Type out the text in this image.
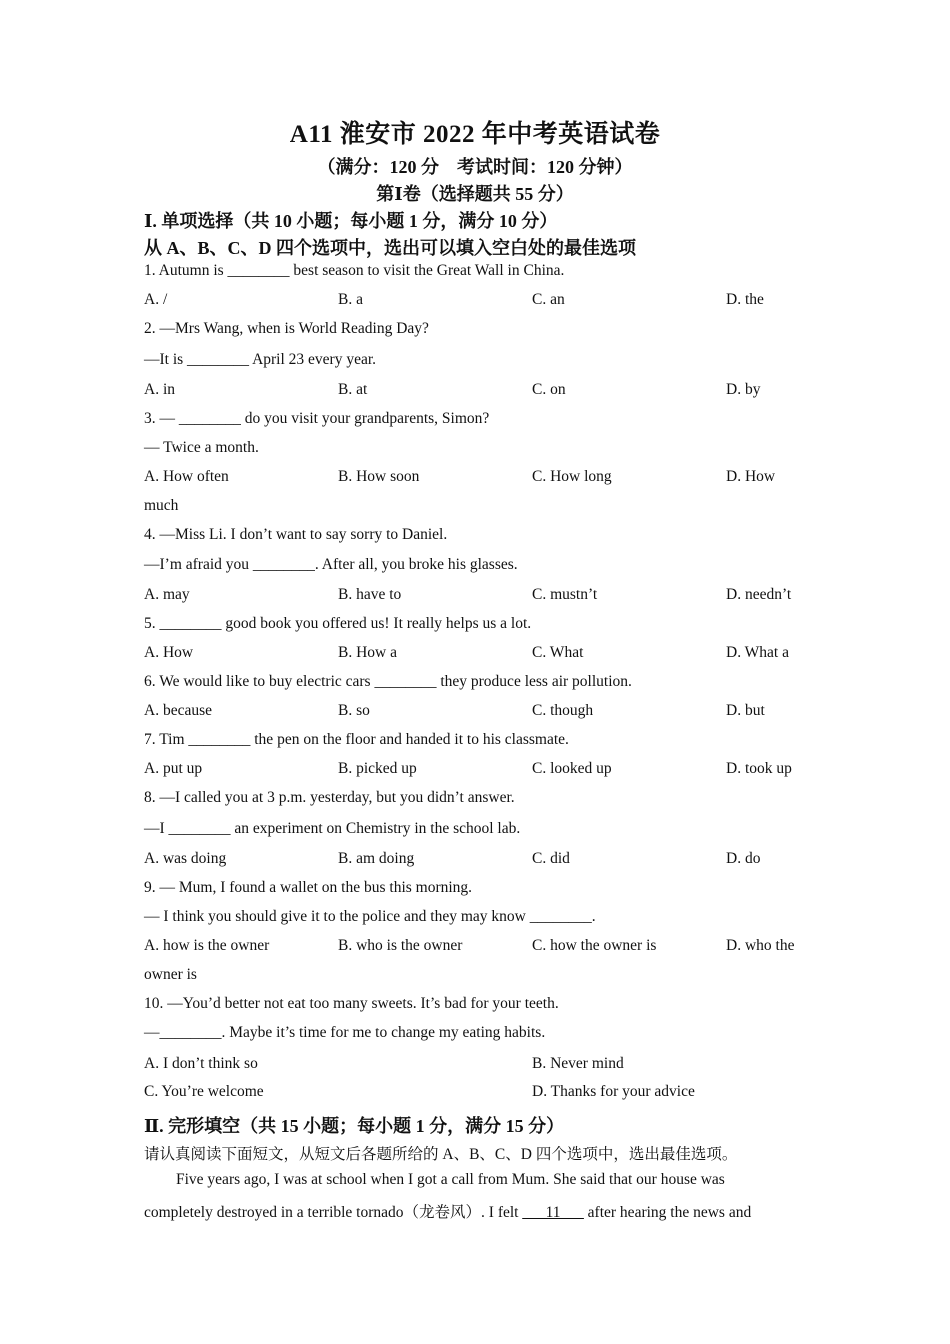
A11 淮安市 2022 年中考英语试卷
（满分：120 分　考试时间：120 分钟）
第Ⅰ卷（选择题共 55 分）
Ⅰ. 单项选择（共 10 小题；每小题 1 分，满分 10 分）
从 A、B、C、D 四个选项中，选出可以填入空白处的最佳选项
1. Autumn is ________ best season to visit the Great Wall in China.
A. /	B. a	C. an	D. the
2. —Mrs Wang, when is World Reading Day?
—It is ________ April 23 every year.
A. in	B. at	C. on	D. by
3. — ________ do you visit your grandparents, Simon?
— Twice a month.
A. How often	B. How soon	C. How long	D. How
much
4. —Miss Li. I don’t want to say sorry to Daniel.
—I’m afraid you ________. After all, you broke his glasses.
A. may	B. have to	C. mustn’t	D. needn’t
5. ________ good book you offered us! It really helps us a lot.
A. How	B. How a	C. What	D. What a
6. We would like to buy electric cars ________ they produce less air pollution.
A. because	B. so	C. though	D. but
7. Tim ________ the pen on the floor and handed it to his classmate.
A. put up	B. picked up	C. looked up	D. took up
8. —I called you at 3 p.m. yesterday, but you didn’t answer.
—I ________ an experiment on Chemistry in the school lab.
A. was doing	B. am doing	C. did	D. do
9. — Mum, I found a wallet on the bus this morning.
— I think you should give it to the police and they may know ________.
A. how is the owner	B. who is the owner	C. how the owner is	D. who the
owner is
10. —You’d better not eat too many sweets. It’s bad for your teeth.
—________. Maybe it’s time for me to change my eating habits.
A. I don’t think so	B. Never mind
C. You’re welcome	D. Thanks for your advice
Ⅱ. 完形填空（共 15 小题；每小题 1 分，满分 15 分）
请认真阅读下面短文，从短文后各题所给的 A、B、C、D 四个选项中，选出最佳选项。
Five years ago, I was at school when I got a call from Mum. She said that our house was
completely destroyed in a terrible tornado（龙卷风）. I felt ___11___ after hearing the news and
